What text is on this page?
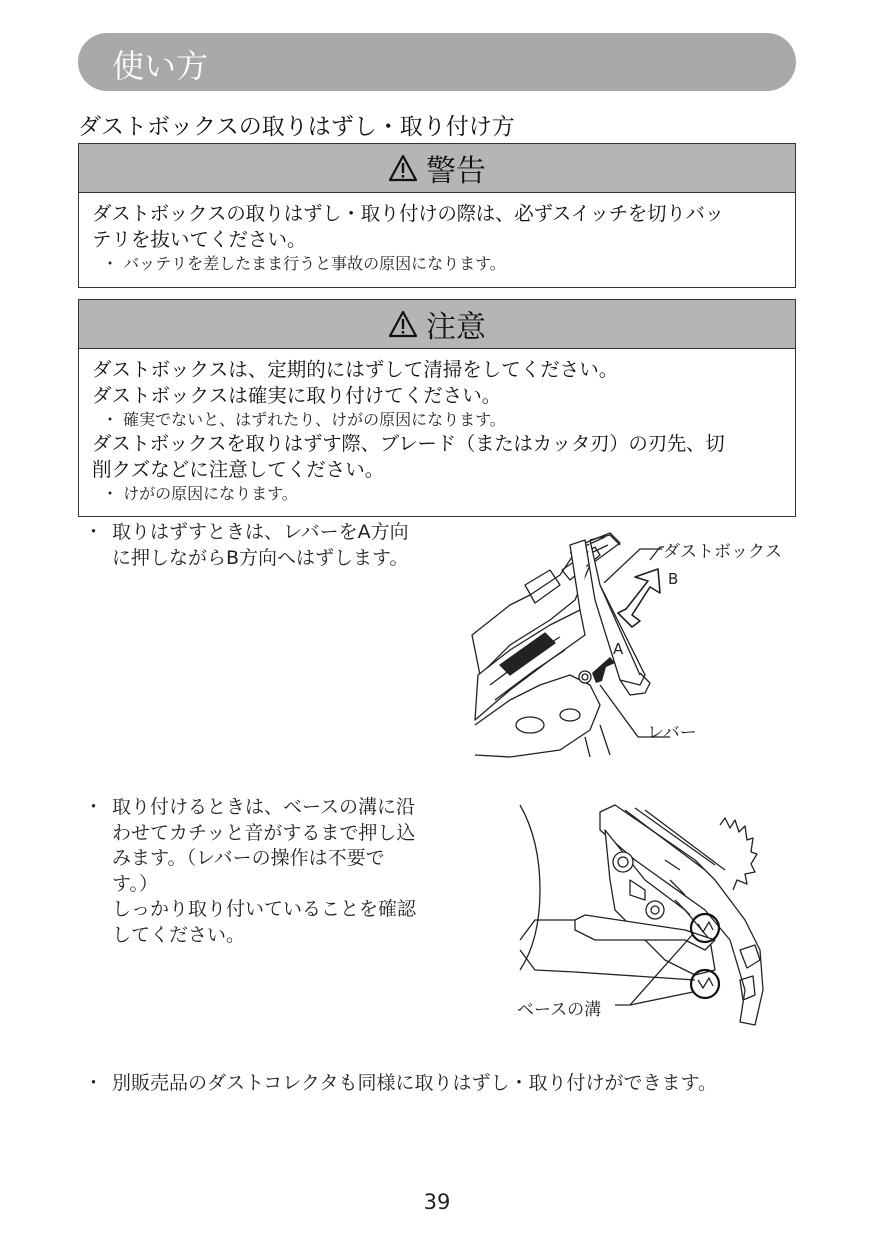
使い方
ダストボックスの取りはずし・取り付け方
警告
ダストボックスの取りはずし・取り付けの際は、必ずスイッチを切りバッ
テリを抜いてください。
・ バッテリを差したまま行うと事故の原因になります。
注意
ダストボックスは、定期的にはずして清掃をしてください。
ダストボックスは確実に取り付けてください。
・ 確実でないと、はずれたり、けがの原因になります。
ダストボックスを取りはずす際、ブレード（またはカッタ刃）の刃先、切
削クズなどに注意してください。
・ けがの原因になります。
・ 取りはずすときは、レバーをA方向
に押しながらB方向へはずします。	ダストボックス
B
A
レバー
・ 取り付けるときは、ベースの溝に沿
わせてカチッと音がするまで押し込
みます。（レバーの操作は不要で
す。）
しっかり取り付いていることを確認
してください。
ベースの溝
・ 別販売品のダストコレクタも同様に取りはずし・取り付けができます。
39
